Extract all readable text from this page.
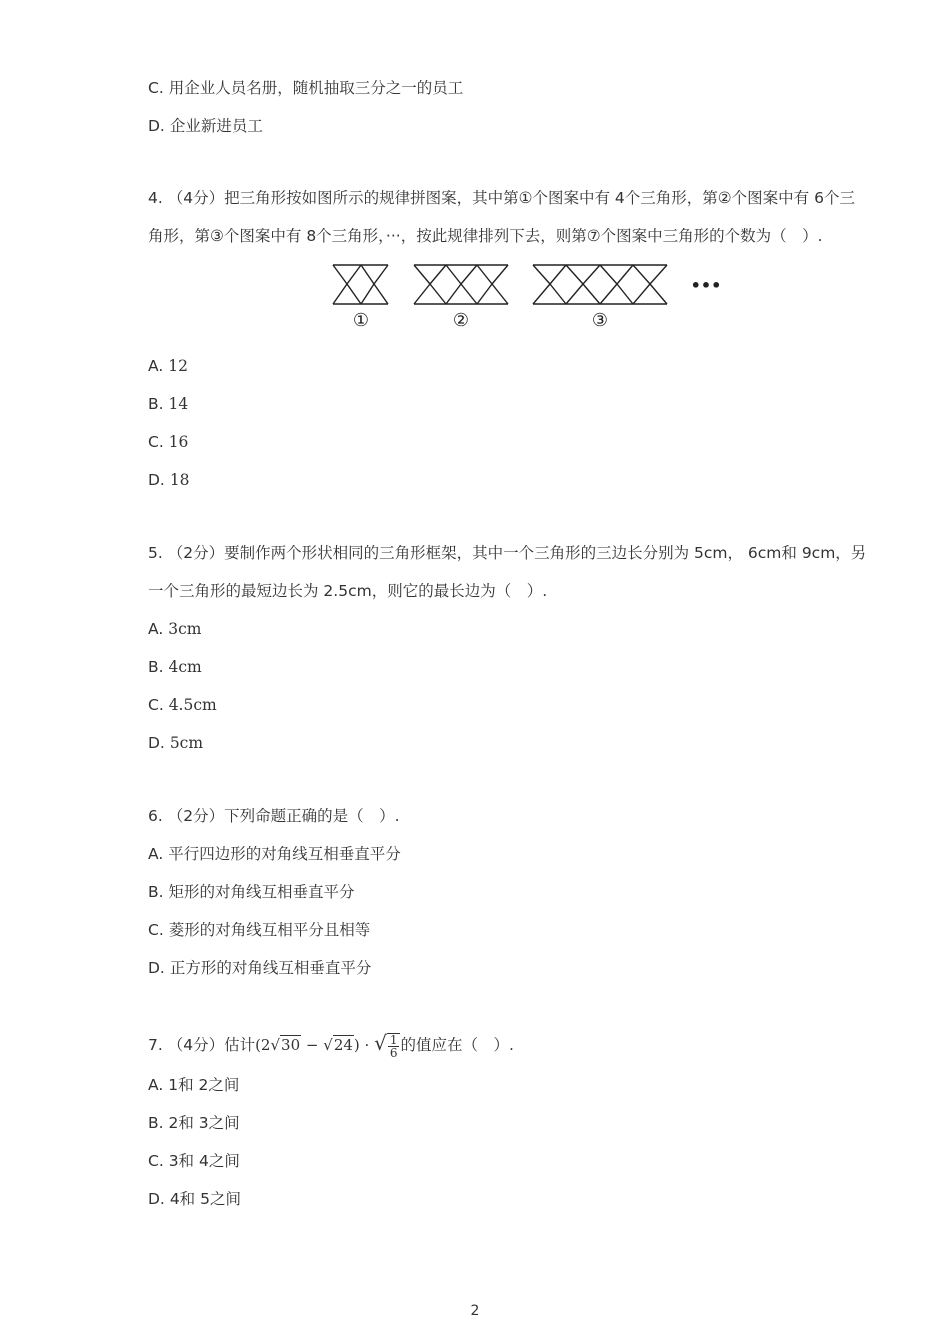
C. 用企业人员名册，随机抽取三分之一的员工
D. 企业新进员工
4. （4分）把三角形按如图所示的规律拼图案，其中第①个图案中有 4个三角形，第②个图案中有 6个三
角形，第③个图案中有 8个三角形，···，按此规律排列下去，则第⑦个图案中三角形的个数为（　）.
•••
①	②	③
A. 12
B. 14
C. 16
D. 18
5. （2分）要制作两个形状相同的三角形框架，其中一个三角形的三边长分别为 5cm， 6cm和 9cm，另
一个三角形的最短边长为 2.5cm，则它的最长边为（　）.
A. 3cm
B. 4cm
C. 4.5cm
D. 5cm
6. （2分）下列命题正确的是（　）.
A. 平行四边形的对角线互相垂直平分
B. 矩形的对角线互相垂直平分
C. 菱形的对角线互相平分且相等
D. 正方形的对角线互相垂直平分
7. （4分）估计(2√30 − √24) · √ $\frac{1}{6}$ 的值应在（　）.
A. 1和 2之间
B. 2和 3之间
C. 3和 4之间
D. 4和 5之间
2
